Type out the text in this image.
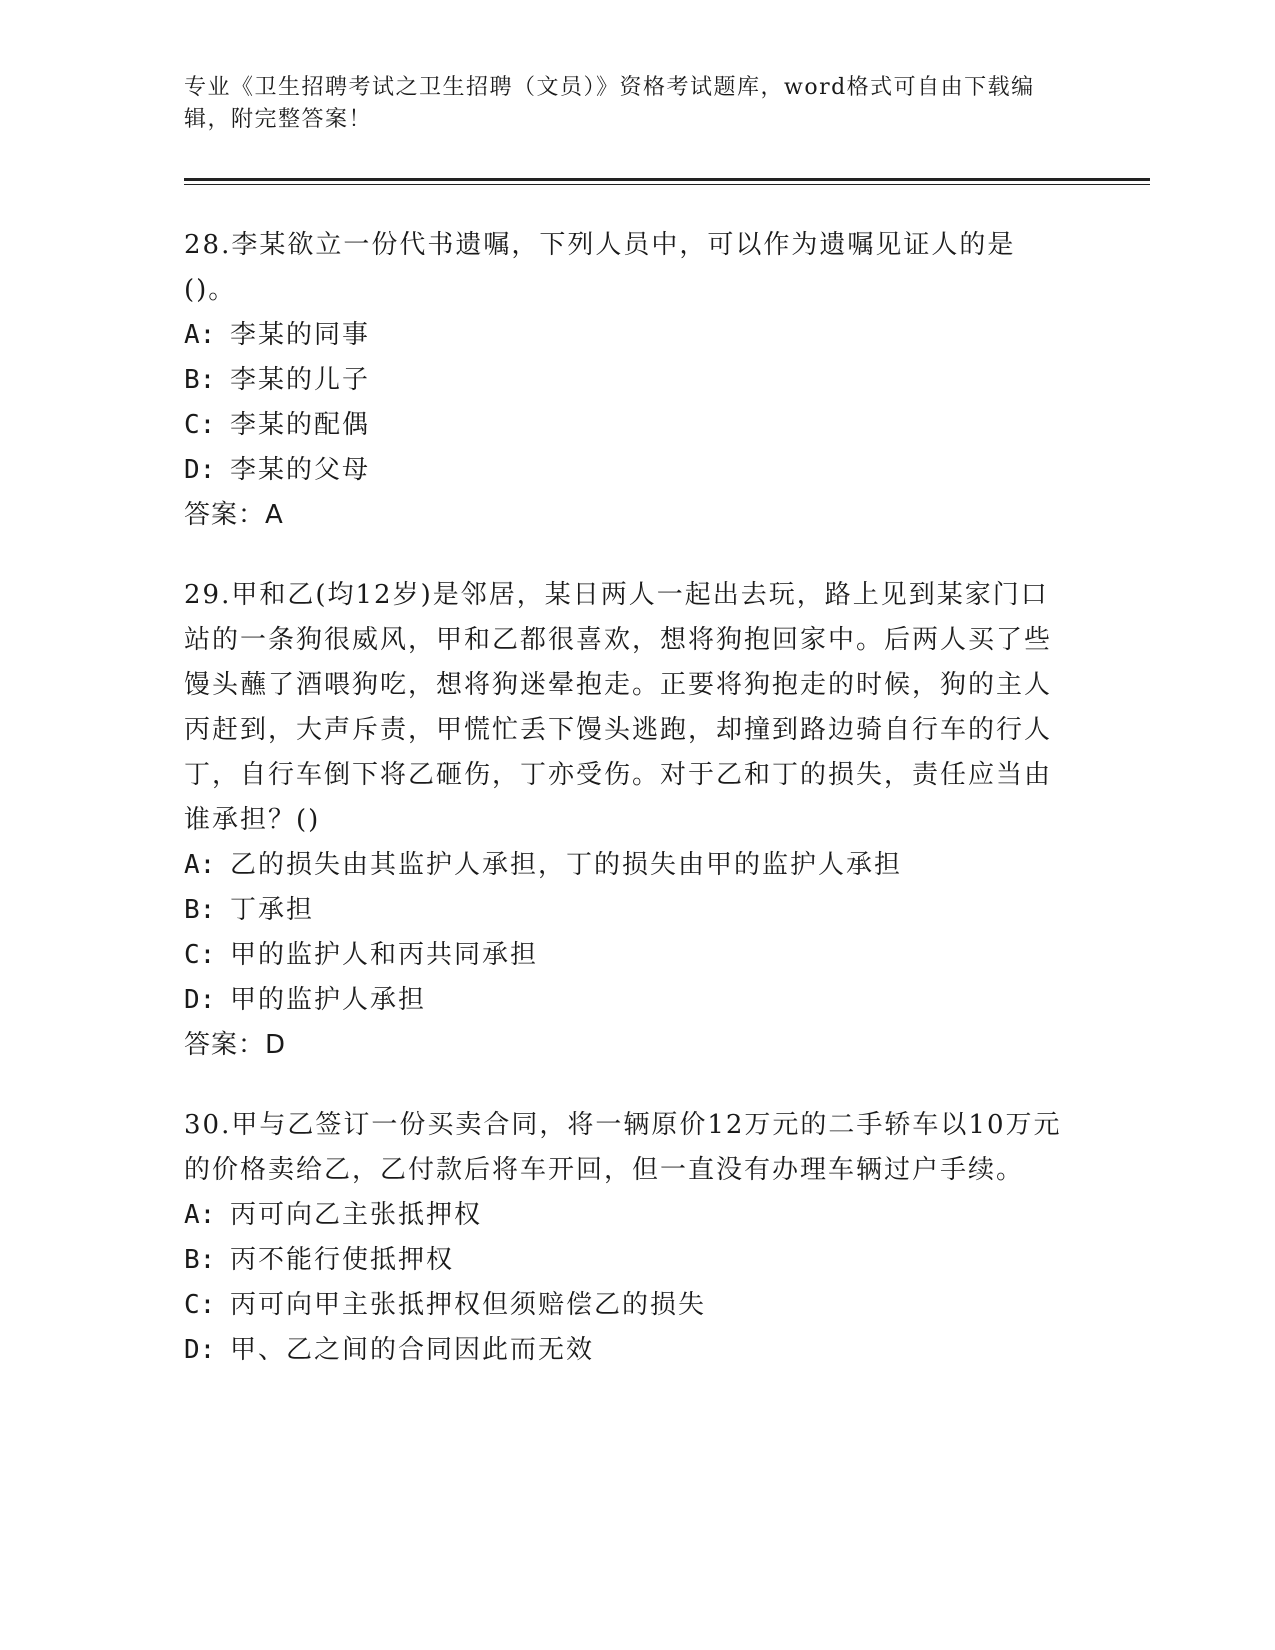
专业《卫生招聘考试之卫生招聘（文员）》资格考试题库，word格式可自由下载编辑，附完整答案！

28.李某欲立一份代书遗嘱，下列人员中，可以作为遗嘱见证人的是()。

A: 李某的同事
B: 李某的儿子
C: 李某的配偶
D: 李某的父母
答案：A

29.甲和乙(均12岁)是邻居，某日两人一起出去玩，路上见到某家门口站的一条狗很威风，甲和乙都很喜欢，想将狗抱回家中。后两人买了些馒头蘸了酒喂狗吃，想将狗迷晕抱走。正要将狗抱走的时候，狗的主人丙赶到，大声斥责，甲慌忙丢下馒头逃跑，却撞到路边骑自行车的行人丁，自行车倒下将乙砸伤，丁亦受伤。对于乙和丁的损失，责任应当由谁承担？()

A: 乙的损失由其监护人承担，丁的损失由甲的监护人承担
B: 丁承担
C: 甲的监护人和丙共同承担
D: 甲的监护人承担
答案：D

30.甲与乙签订一份买卖合同，将一辆原价12万元的二手轿车以10万元的价格卖给乙，乙付款后将车开回，但一直没有办理车辆过户手续。

A: 丙可向乙主张抵押权
B: 丙不能行使抵押权
C: 丙可向甲主张抵押权但须赔偿乙的损失
D: 甲、乙之间的合同因此而无效
